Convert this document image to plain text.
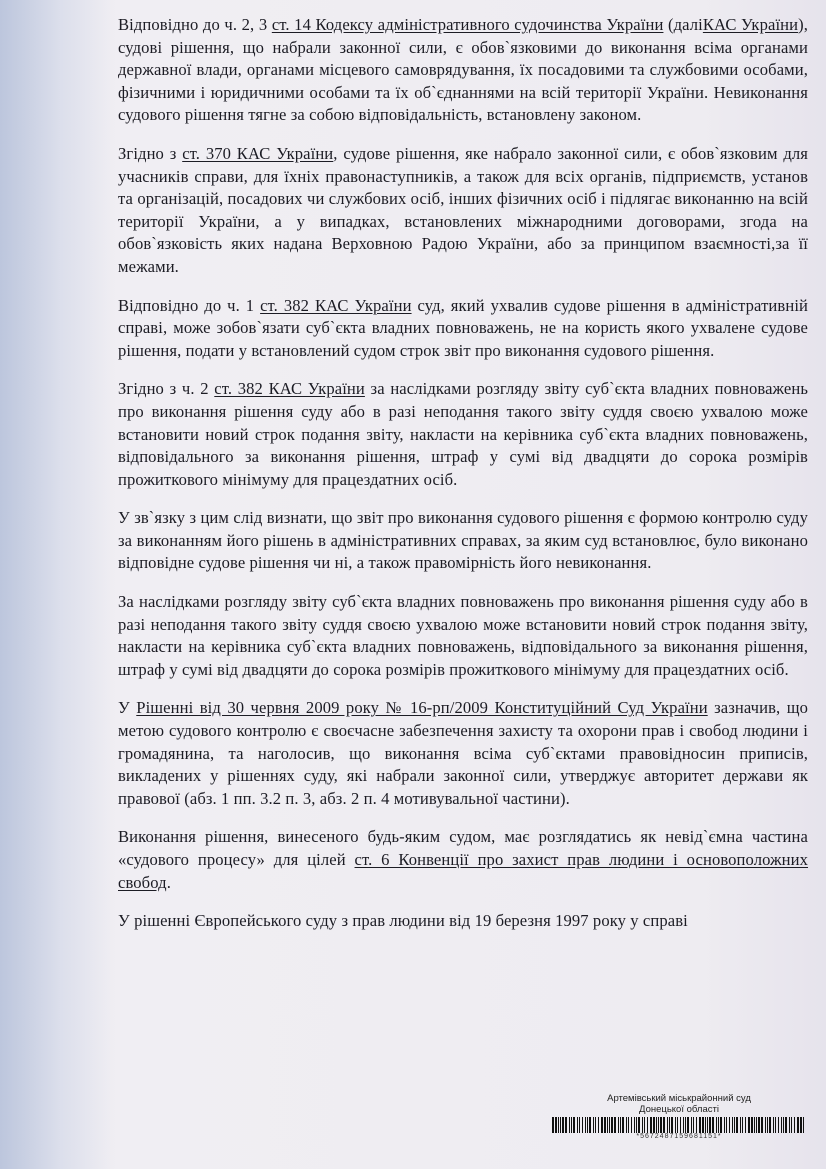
Відповідно до ч. 2, 3 ст. 14 Кодексу адміністративного судочинства України (даліКАС України), судові рішення, що набрали законної сили, є обов`язковими до виконання всіма органами державної влади, органами місцевого самоврядування, їх посадовими та службовими особами, фізичними і юридичними особами та їх об`єднаннями на всій території України. Невиконання судового рішення тягне за собою відповідальність, встановлену законом.

Згідно з ст. 370 КАС України, судове рішення, яке набрало законної сили, є обов`язковим для учасників справи, для їхніх правонаступників, а також для всіх органів, підприємств, установ та організацій, посадових чи службових осіб, інших фізичних осіб і підлягає виконанню на всій території України, а у випадках, встановлених міжнародними договорами, згода на обов`язковість яких надана Верховною Радою України, або за принципом взаємності,за її межами.

Відповідно до ч. 1 ст. 382 КАС України суд, який ухвалив судове рішення в адміністративній справі, може зобов`язати суб`єкта владних повноважень, не на користь якого ухвалене судове рішення, подати у встановлений судом строк звіт про виконання судового рішення.

Згідно з ч. 2 ст. 382 КАС України за наслідками розгляду звіту суб`єкта владних повноважень про виконання рішення суду або в разі неподання такого звіту суддя своєю ухвалою може встановити новий строк подання звіту, накласти на керівника суб`єкта владних повноважень, відповідального за виконання рішення, штраф у сумі від двадцяти до сорока розмірів прожиткового мінімуму для працездатних осіб.

У зв`язку з цим слід визнати, що звіт про виконання судового рішення є формою контролю суду за виконанням його рішень в адміністративних справах, за яким суд встановлює, було виконано відповідне судове рішення чи ні, а також правомірність його невиконання.

За наслідками розгляду звіту суб`єкта владних повноважень про виконання рішення суду або в разі неподання такого звіту суддя своєю ухвалою може встановити новий строк подання звіту, накласти на керівника суб`єкта владних повноважень, відповідального за виконання рішення, штраф у сумі від двадцяти до сорока розмірів прожиткового мінімуму для працездатних осіб.

У Рішенні від 30 червня 2009 року № 16-рп/2009 Конституційний Суд України зазначив, що метою судового контролю є своєчасне забезпечення захисту та охорони прав і свобод людини і громадянина, та наголосив, що виконання всіма суб`єктами правовідносин приписів, викладених у рішеннях суду, які набрали законної сили, утверджує авторитет держави як правової (абз. 1 пп. 3.2 п. 3, абз. 2 п. 4 мотивувальної частини).

Виконання рішення, винесеного будь-яким судом, має розглядатись як невід`ємна частина «судового процесу» для цілей ст. 6 Конвенції про захист прав людини і основоположних свобод.

У рішенні Європейського суду з прав людини від 19 березня 1997 року у справі

Артемівський міськрайонний суд
Донецької області
*5672487159681151*
